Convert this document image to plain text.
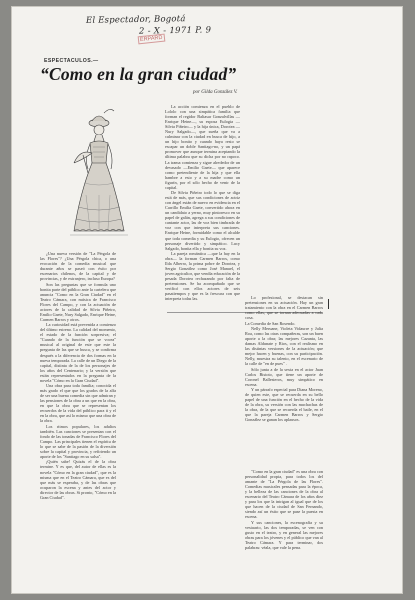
El Espectador, Bogotá
2 - X - 1971 P. 9
ERPARD
ESPECTACULOS.—
“Como en la gran ciudad”
por Gilda González V.

La acción comienza en el pueblo de Lololo con una simpática familia que forman el regidor Baltasar Gonzalvillas —Enrique Heine—, su esposa Eulogia —Silvia Piñeiro— y la hija única, Dorotea —Nury Salgado—, que sueña que va a culminar con la ciudad en busca de hijo, a un hijo bonito y cuando haya resto se escapar un doble Santiago-no, y un papá promover que aunque termina aceptando la última palabra que su dicha por no rapoco. La trama comienza y sigue alrededor de un devasado —Emilio Gaete— que aparece como pretendiente de la hija y que ella hambre a esto y a su madre como un figurín, por el sólo hecho de venir de la capital.

De Silvia Piñeiro todo lo que se diga está de más, que sus condiciones de actriz con ángel están de nuevo en evidencia en el Carrillo Emilia Gaete, convertido ahora en un candidato a yerno, muy pintoresco en su papel de galán, agrega a sus condiciones de cantante actor, las de voz bien timbrada de voz con que interpreta sus canciones. Enrique Heine, formidable como el alcalde que toda comedia y su Eulogio, ofrecen un personaje divertido y simpático. Lucy Salgado, bonita ella y bonita su voz.

La pareja romántica —que la hay en la obra— la forman Carmen Barros, como Ilda Alberro, la prima pobre de Dorotea, y Sergio González como José Manuel, el joven agricultor, que vendía educación de la pesada Dorotea rechazando por falta de pretensiones. Se ha acompañado que se verificó con ellos actores de seis pasatiempos y que es la frescura con que interpreta todas las.

¿Una nueva versión de "La Pérgola de las Flores"? ¿Una Pérgola chica, o una evocación de la comedia musical que durante años se paseó con éxito por escenarios chilenos, de la capital y de provincias, y de extranjero, incluso Europa?

Son las preguntas que se formula uno bonita parte del público ante la cartelera que anuncia "Como en la Gran Ciudad" en el Teatro Cámara, con música de Francisco Flores del Campo, y con la actuación de actores de la calidad de Silvia Piñeiro, Emilio Gaete, Nury Salgado, Enrique Heine, Carmen Barros y otros.

La curiosidad está prevenida a comienzo del último estreno. La calidad del momento, el estado de la función sorpresiva; el "Cuando de la función que se vocea" musical al original de este que este la pregunta de las que se busca, y se confirma después a la diferencia de dos formas en la nueva temporada. La calle de un Diego de la capital, distinta de la de los personajes de los años del Centenario; y la versión que están representados en la pregunta de la novela "Cómo en la Gran Ciudad".

Una obra para toda familia; conocida el más grado el que que los grados de la alfa de ser una buena comedia sin que admiran y las pensiones de la obra a un que en la obra, en que la obra que se representan los recuerdos de la vida del público para ti y el en la obra, que así lo mismo que una obra de la obra.

Los ritmos populares, los adultos también. Las canciones se presentan con el fondo de las tonadas de Francisco Flores del Campo. Las principales tienen el espíritu de lo que se sabe de la pasión de la diversión sobre la capital y provincia, y refiriendo un aporte de los "Santiago en su salsa".

¡Quién sabe! Quizás el de la obra termine. Y es que, del autor de ellas es la novela "Cómo en la gran ciudad", que es la misma que en el Teatro Cámara, que es del que más se esperaba, y de las obras que ocuparon la escena y antes del actor y director de las obras. Si pronto, "Cómo en la Gran Ciudad".

Lo profesional, se destacan sin pretensiones en su actuación. Hay un gran tratamiento con la obra en el Carmen Barros como ellas, que se tornan adecuadas a cada cosa.

La Comedia de San Rosendo.

Nelly Meruane, Violeta Vidaurre y Julia Roa, como las otras compañeras, son un buen aporte a la obra; las mejores Cazanta, las damas Aldunate y Rios, con el realismo en las distintas versiones de la actuación; que mejor hacen y buenas, con su participación. Nelly, muestra su talento, en el escenario de la calle de "en de pues" .

Sólo junta a de la sexta en el actor Juan Carlos Bistoto, que tiene un aporte de Coronel Ballesteros, muy simpático en escena.

Y un párrafo especial para Diana Moreno, de quien este, que se recuerda en su bello papel de una función en el hecho de la vida de la obra, su versión con las muchachas de la obra, de la que se recuerda el baile, en el que la pareja Carmen Barros y Sergio González se ganan los aplausos.

"Como en la gran ciudad" es una obra con personalidad propia, para todos los del amante de "La Pérgola de las Flores". Comedias musicales pensadas para la época, y la belleza de las canciones de la obra al escenario del Teatro Cámara de los años diez y para los que la intrigan al igual que de los que hacen de la ciudad de San Fernando, siendo así un éxito que se pase la puesta en escena.

Y sus canciones, la escenografía y su vestuario, las dos temporadas, se ven con gusto en el teatro, y en general las mejores obras para los jóvenes y el público que van al Teatro Cámara. Y para terminar, dos palabras: véala, que vale la pena.
